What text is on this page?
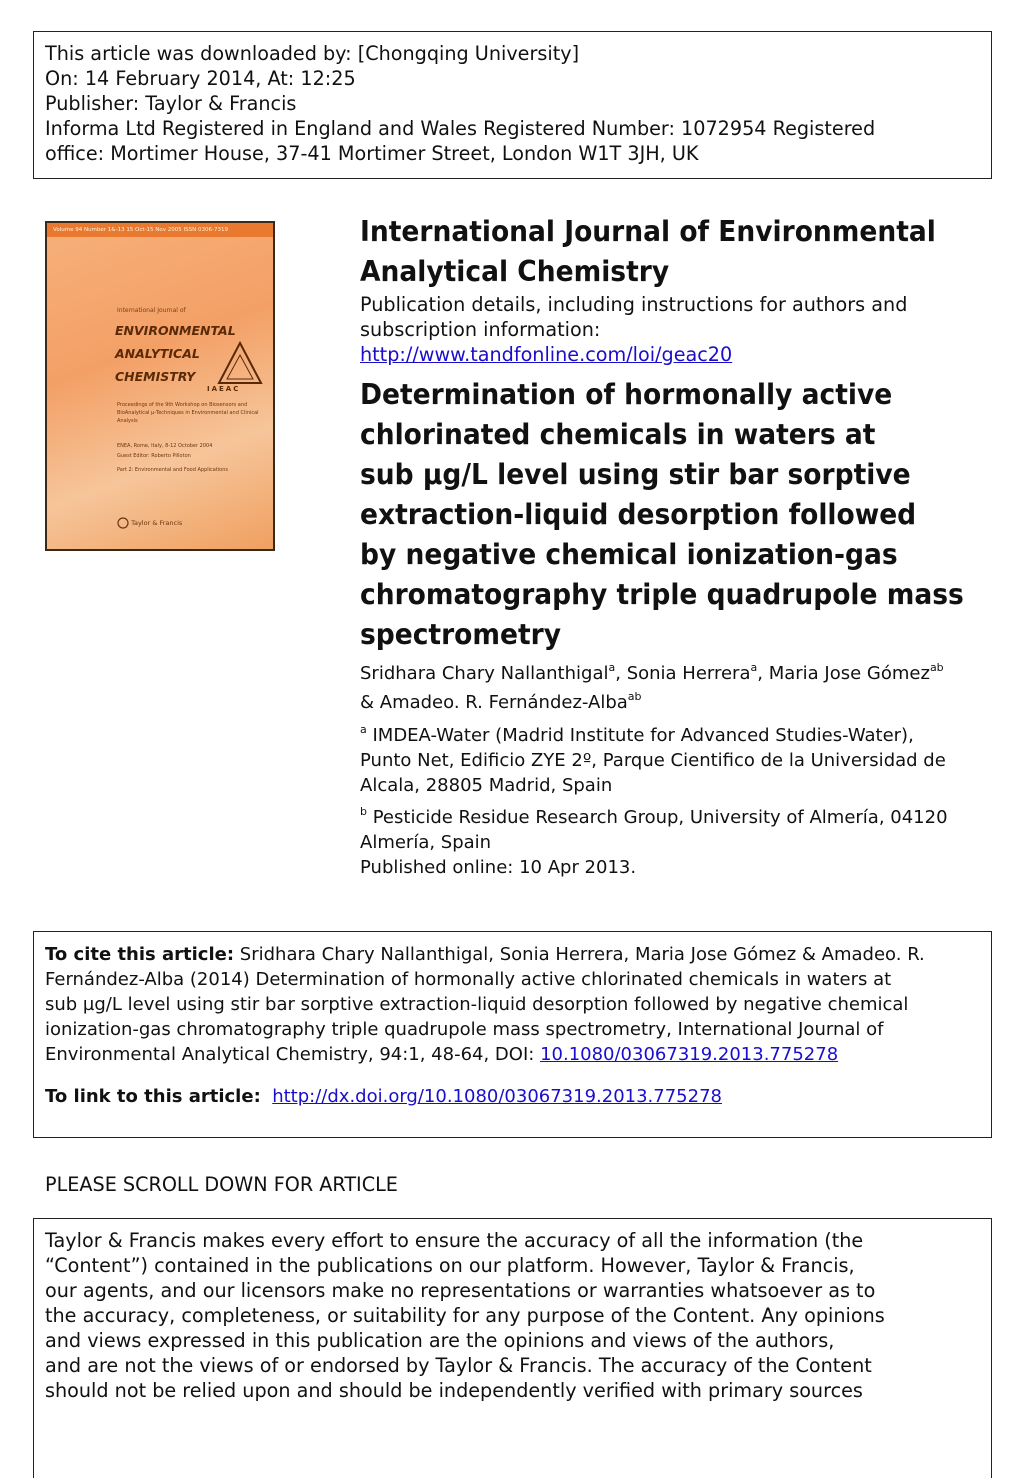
This article was downloaded by: [Chongqing University]
On: 14 February 2014, At: 12:25
Publisher: Taylor & Francis
Informa Ltd Registered in England and Wales Registered Number: 1072954 Registered
office: Mortimer House, 37-41 Mortimer Street, London W1T 3JH, UK
Volume 94 Number 1&-13 15 Oct-15 Nov 2005 ISSN 0306-7319
International Journal of
ENVIRONMENTAL
ANALYTICAL
CHEMISTRY
IAEAC
Proceedings of the 9th Workshop on Biosensors and BioAnalytical μ-Techniques in Environmental and Clinical Analysis
ENEA, Rome, Italy, 8-12 October 2004
Guest Editor: Roberto Pilloton
Part 2: Environmental and Food Applications
Taylor & Francis
International Journal of Environmental
Analytical Chemistry
Publication details, including instructions for authors and
subscription information:
http://www.tandfonline.com/loi/geac20
Determination of hormonally active
chlorinated chemicals in waters at
sub µg/L level using stir bar sorptive
extraction-liquid desorption followed
by negative chemical ionization-gas
chromatography triple quadrupole mass
spectrometry
Sridhara Chary Nallanthigal$^a$, Sonia Herrera$^a$, Maria Jose Gómez$^{ab}$
& Amadeo. R. Fernández-Alba$^{ab}$
$^a$ IMDEA-Water (Madrid Institute for Advanced Studies-Water),
Punto Net, Edificio ZYE 2º, Parque Cientifico de la Universidad de
Alcala, 28805 Madrid, Spain
$^b$ Pesticide Residue Research Group, University of Almería, 04120
Almería, Spain
Published online: 10 Apr 2013.
To cite this article: Sridhara Chary Nallanthigal, Sonia Herrera, Maria Jose Gómez & Amadeo. R.
Fernández-Alba (2014) Determination of hormonally active chlorinated chemicals in waters at
sub µg/L level using stir bar sorptive extraction-liquid desorption followed by negative chemical
ionization-gas chromatography triple quadrupole mass spectrometry, International Journal of
Environmental Analytical Chemistry, 94:1, 48-64, DOI: 10.1080/03067319.2013.775278
To link to this article: http://dx.doi.org/10.1080/03067319.2013.775278
PLEASE SCROLL DOWN FOR ARTICLE
Taylor & Francis makes every effort to ensure the accuracy of all the information (the
“Content”) contained in the publications on our platform. However, Taylor & Francis,
our agents, and our licensors make no representations or warranties whatsoever as to
the accuracy, completeness, or suitability for any purpose of the Content. Any opinions
and views expressed in this publication are the opinions and views of the authors,
and are not the views of or endorsed by Taylor & Francis. The accuracy of the Content
should not be relied upon and should be independently verified with primary sources
